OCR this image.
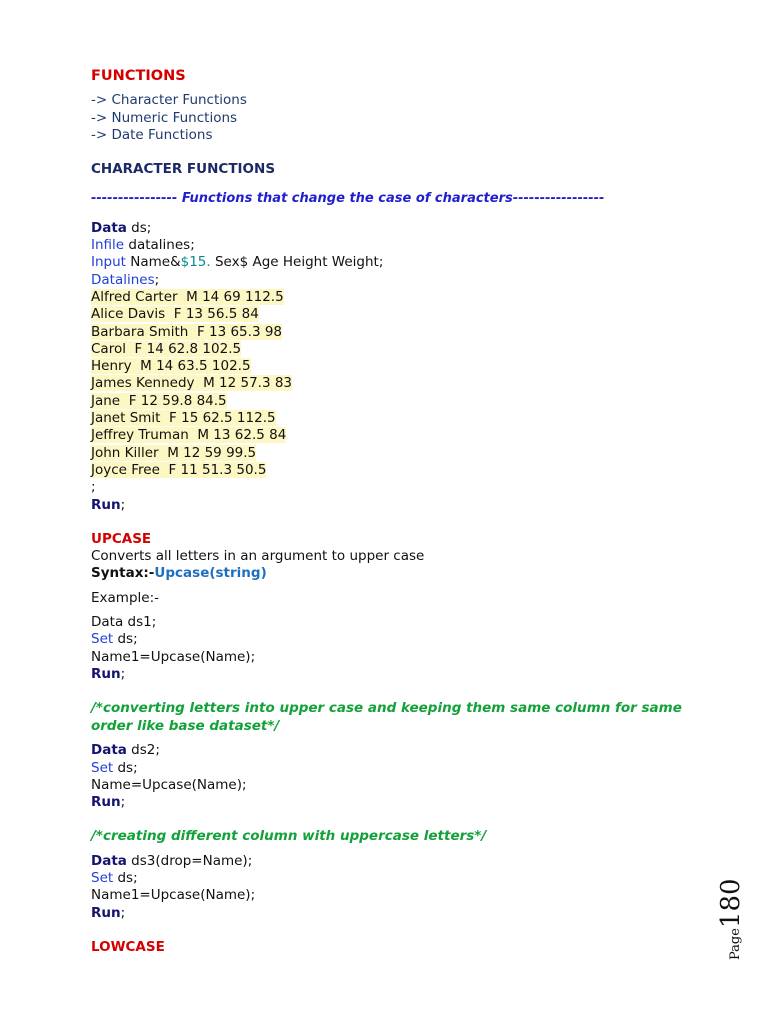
FUNCTIONS
-> Character Functions
-> Numeric Functions
-> Date Functions
CHARACTER FUNCTIONS
---------------- Functions that change the case of characters-----------------
Data ds;
Infile datalines;
Input Name&$15. Sex$ Age Height Weight;
Datalines;
Alfred Carter  M 14 69 112.5
Alice Davis  F 13 56.5 84
Barbara Smith  F 13 65.3 98
Carol  F 14 62.8 102.5
Henry  M 14 63.5 102.5
James Kennedy  M 12 57.3 83
Jane  F 12 59.8 84.5
Janet Smit  F 15 62.5 112.5
Jeffrey Truman  M 13 62.5 84
John Killer  M 12 59 99.5
Joyce Free  F 11 51.3 50.5
;
Run;
UPCASE
Converts all letters in an argument to upper case
Syntax:-Upcase(string)
Example:-
Data ds1;
Set ds;
Name1=Upcase(Name);
Run;
/*converting letters into upper case and keeping them same column for same order like base dataset*/
Data ds2;
Set ds;
Name=Upcase(Name);
Run;
/*creating different column with uppercase letters*/
Data ds3(drop=Name);
Set ds;
Name1=Upcase(Name);
Run;
LOWCASE	Page180
